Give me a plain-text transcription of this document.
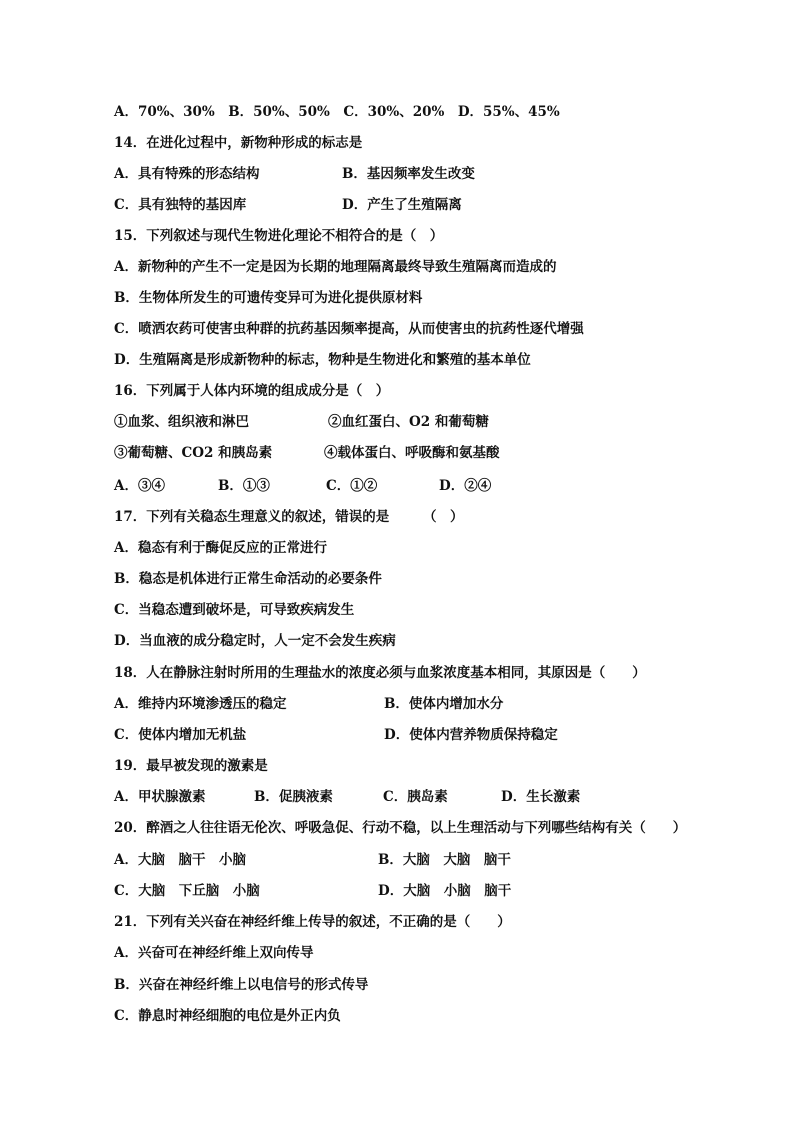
A．70%、30%　B．50%、50%　C．30%、20%　D．55%、45%
14．在进化过程中，新物种形成的标志是
A．具有特殊的形态结构	B．基因频率发生改变
C．具有独特的基因库	D．产生了生殖隔离
15．下列叙述与现代生物进化理论不相符合的是（　）
A．新物种的产生不一定是因为长期的地理隔离最终导致生殖隔离而造成的
B．生物体所发生的可遗传变异可为进化提供原材料
C．喷洒农药可使害虫种群的抗药基因频率提高，从而使害虫的抗药性逐代增强
D．生殖隔离是形成新物种的标志，物种是生物进化和繁殖的基本单位
16．下列属于人体内环境的组成成分是（　）
①血浆、组织液和淋巴	②血红蛋白、O2 和葡萄糖
③葡萄糖、CO2 和胰岛素	④载体蛋白、呼吸酶和氨基酸
A．③④	B．①③	C．①②	D．②④
17．下列有关稳态生理意义的叙述，错误的是　　　（　）
A．稳态有利于酶促反应的正常进行
B．稳态是机体进行正常生命活动的必要条件
C．当稳态遭到破坏是，可导致疾病发生
D．当血液的成分稳定时，人一定不会发生疾病
18．人在静脉注射时所用的生理盐水的浓度必须与血浆浓度基本相同，其原因是（　　）
A．维持内环境渗透压的稳定	B．使体内增加水分
C．使体内增加无机盐	D．使体内营养物质保持稳定
19．最早被发现的激素是
A．甲状腺激素	B．促胰液素	C．胰岛素	D．生长激素
20．醉酒之人往往语无伦次、呼吸急促、行动不稳，以上生理活动与下列哪些结构有关（　　）
A．大脑　脑干　小脑	B．大脑　大脑　脑干
C．大脑　下丘脑　小脑	D．大脑　小脑　脑干
21．下列有关兴奋在神经纤维上传导的叙述，不正确的是（　　）
A．兴奋可在神经纤维上双向传导
B．兴奋在神经纤维上以电信号的形式传导
C．静息时神经细胞的电位是外正内负
